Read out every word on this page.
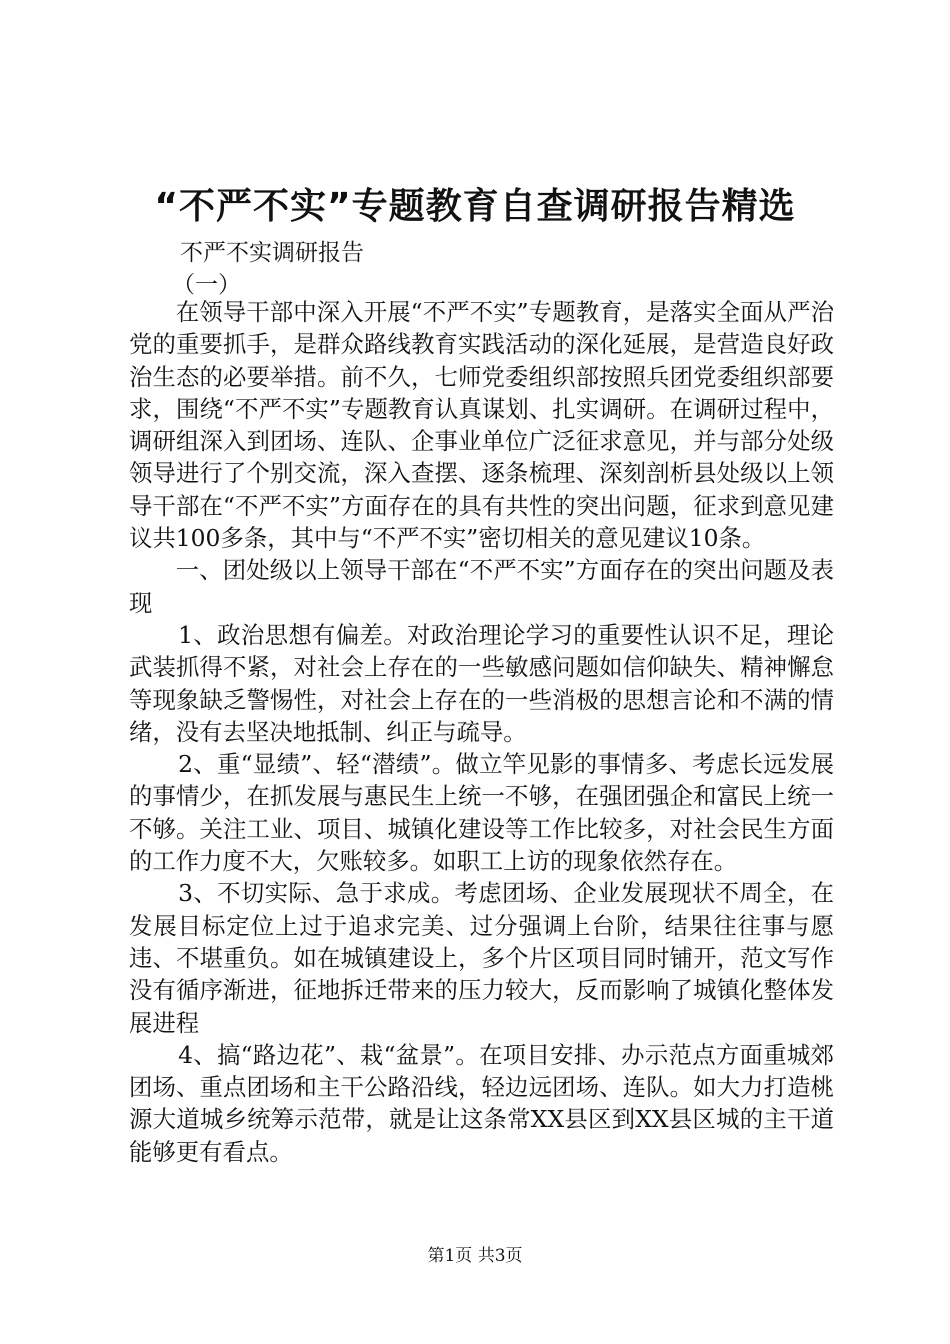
“不严不实”专题教育自查调研报告精选
不严不实调研报告
（一）

在领导干部中深入开展“不严不实”专题教育，是落实全面从严治党的重要抓手，是群众路线教育实践活动的深化延展，是营造良好政治生态的必要举措。前不久，七师党委组织部按照兵团党委组织部要求，围绕“不严不实”专题教育认真谋划、扎实调研。在调研过程中，调研组深入到团场、连队、企事业单位广泛征求意见，并与部分处级领导进行了个别交流，深入查摆、逐条梳理、深刻剖析县处级以上领导干部在“不严不实”方面存在的具有共性的突出问题，征求到意见建议共100多条，其中与“不严不实”密切相关的意见建议10条。

一、团处级以上领导干部在“不严不实”方面存在的突出问题及表现

1、政治思想有偏差。对政治理论学习的重要性认识不足，理论武装抓得不紧，对社会上存在的一些敏感问题如信仰缺失、精神懈怠等现象缺乏警惕性，对社会上存在的一些消极的思想言论和不满的情绪，没有去坚决地抵制、纠正与疏导。

2、重“显绩”、轻“潜绩”。做立竿见影的事情多、考虑长远发展的事情少，在抓发展与惠民生上统一不够，在强团强企和富民上统一不够。关注工业、项目、城镇化建设等工作比较多，对社会民生方面的工作力度不大，欠账较多。如职工上访的现象依然存在。

3、不切实际、急于求成。考虑团场、企业发展现状不周全，在发展目标定位上过于追求完美、过分强调上台阶，结果往往事与愿违、不堪重负。如在城镇建设上，多个片区项目同时铺开，范文写作没有循序渐进，征地拆迁带来的压力较大，反而影响了城镇化整体发展进程

4、搞“路边花”、栽“盆景”。在项目安排、办示范点方面重城郊团场、重点团场和主干公路沿线，轻边远团场、连队。如大力打造桃源大道城乡统筹示范带，就是让这条常XX县区到XX县区城的主干道能够更有看点。

第1页 共3页
